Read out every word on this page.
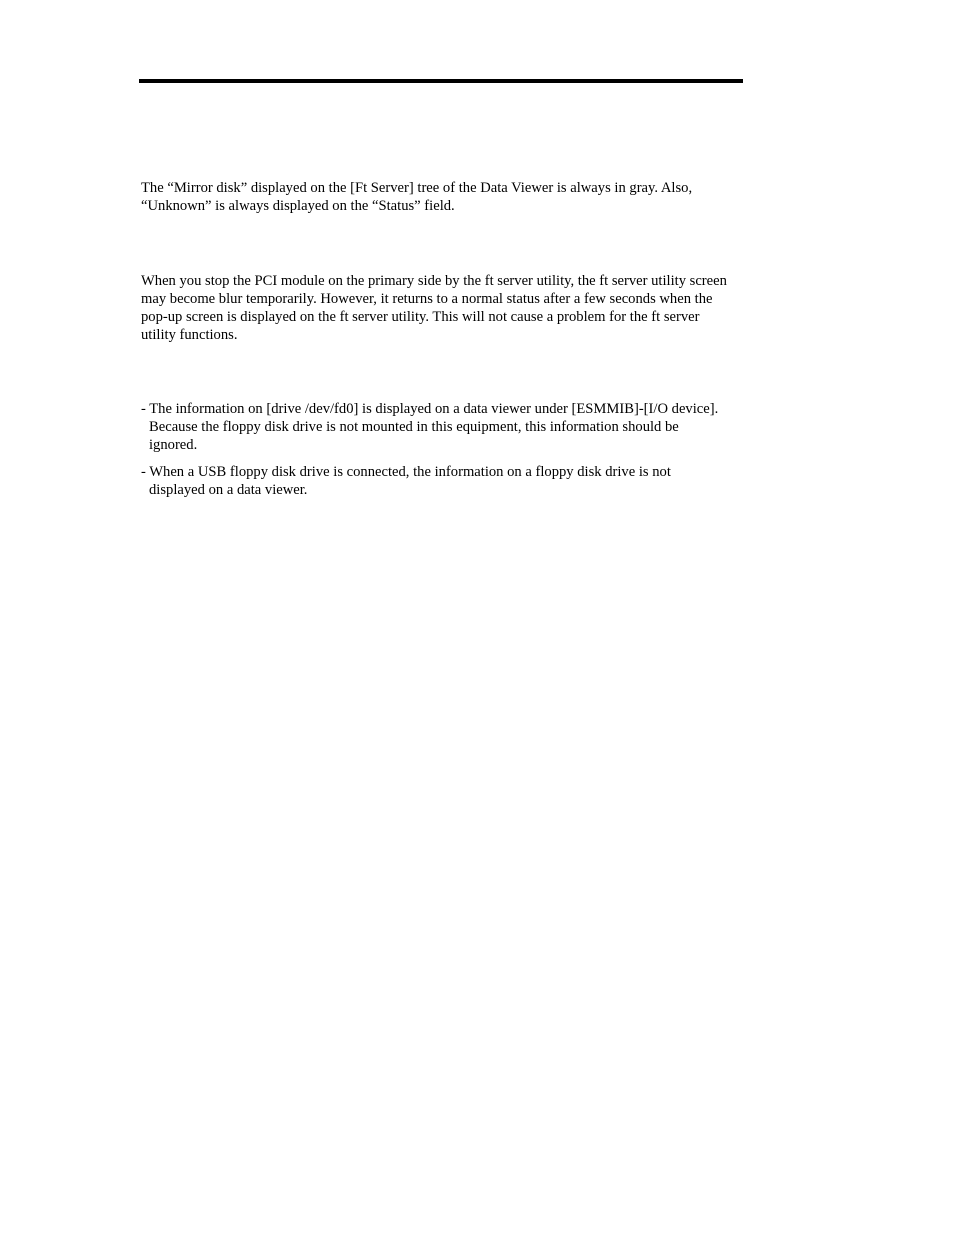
The “Mirror disk” displayed on the [Ft Server] tree of the Data Viewer is always in gray. Also,
“Unknown” is always displayed on the “Status” field.

When you stop the PCI module on the primary side by the ft server utility, the ft server utility screen
may become blur temporarily. However, it returns to a normal status after a few seconds when the
pop-up screen is displayed on the ft server utility. This will not cause a problem for the ft server
utility functions.

- The information on [drive /dev/fd0] is displayed on a data viewer under [ESMMIB]-[I/O device].
Because the floppy disk drive is not mounted in this equipment, this information should be
ignored.

- When a USB floppy disk drive is connected, the information on a floppy disk drive is not
displayed on a data viewer.
